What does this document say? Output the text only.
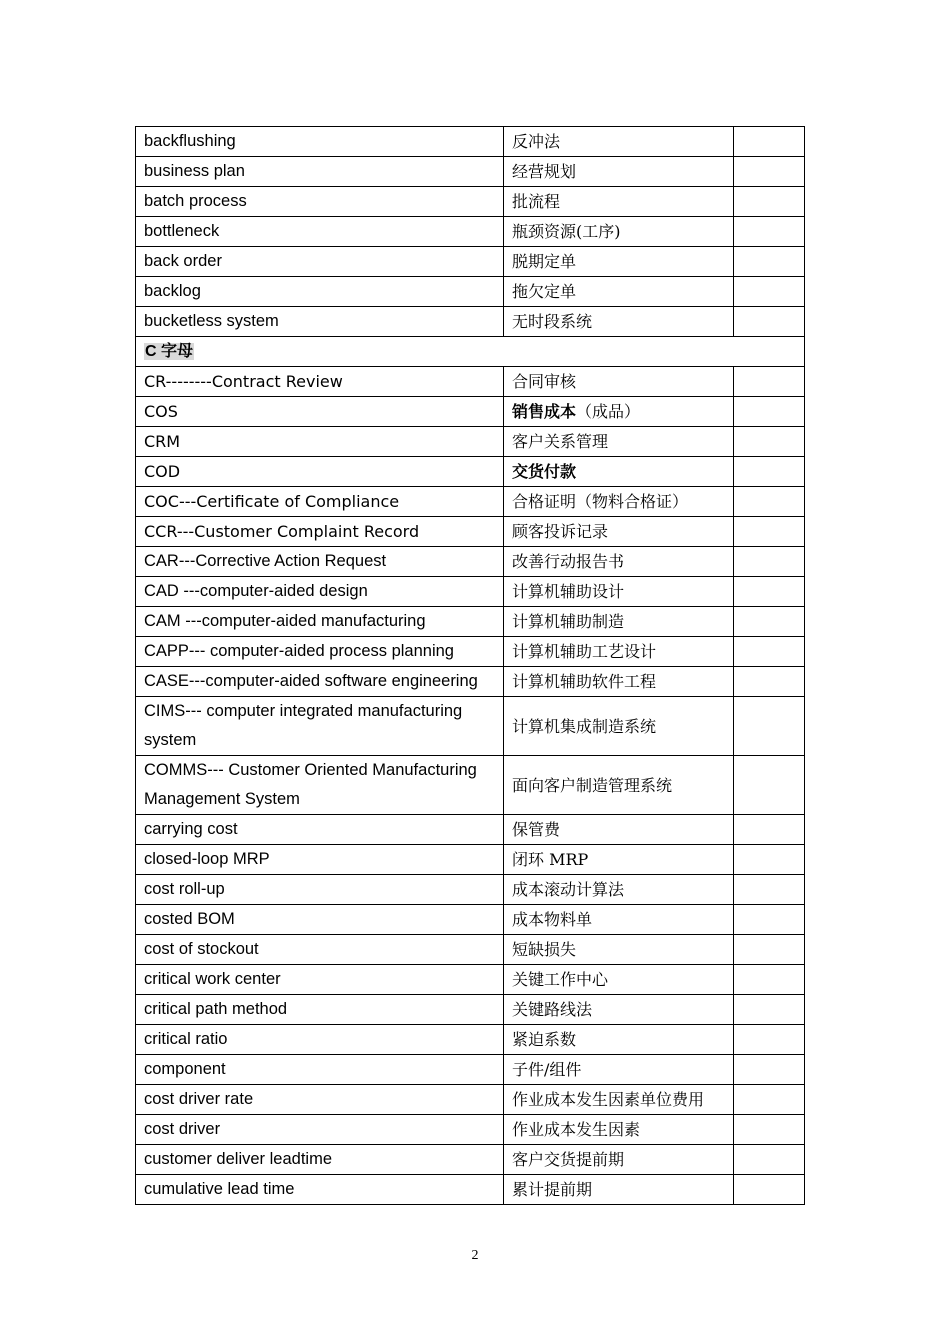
backflushing	反冲法	
business plan	经营规划	
batch process	批流程	
bottleneck	瓶颈资源(工序)	
back order	脱期定单	
backlog	拖欠定单	
bucketless system	无时段系统	
C 字母		
CR--------Contract Review	合同审核	
COS	销售成本（成品）	
CRM	客户关系管理	
COD	交货付款	
COC---Certificate of Compliance	合格证明（物料合格证）	
CCR---Customer Complaint Record	顾客投诉记录	
CAR---Corrective Action Request	改善行动报告书	
CAD ---computer-aided design	计算机辅助设计	
CAM ---computer-aided manufacturing	计算机辅助制造	
CAPP--- computer-aided process planning	计算机辅助工艺设计	
CASE---computer-aided software engineering	计算机辅助软件工程	
CIMS--- computer integrated manufacturing system	计算机集成制造系统	
COMMS--- Customer Oriented Manufacturing Management System	面向客户制造管理系统	
carrying cost	保管费	
closed-loop MRP	闭环 MRP	
cost roll-up	成本滚动计算法	
costed BOM	成本物料单	
cost of stockout	短缺损失	
critical work center	关键工作中心	
critical path method	关键路线法	
critical ratio	紧迫系数	
component	子件/组件	
cost driver rate	作业成本发生因素单位费用	
cost driver	作业成本发生因素	
customer deliver leadtime	客户交货提前期	
cumulative lead time	累计提前期	
2
